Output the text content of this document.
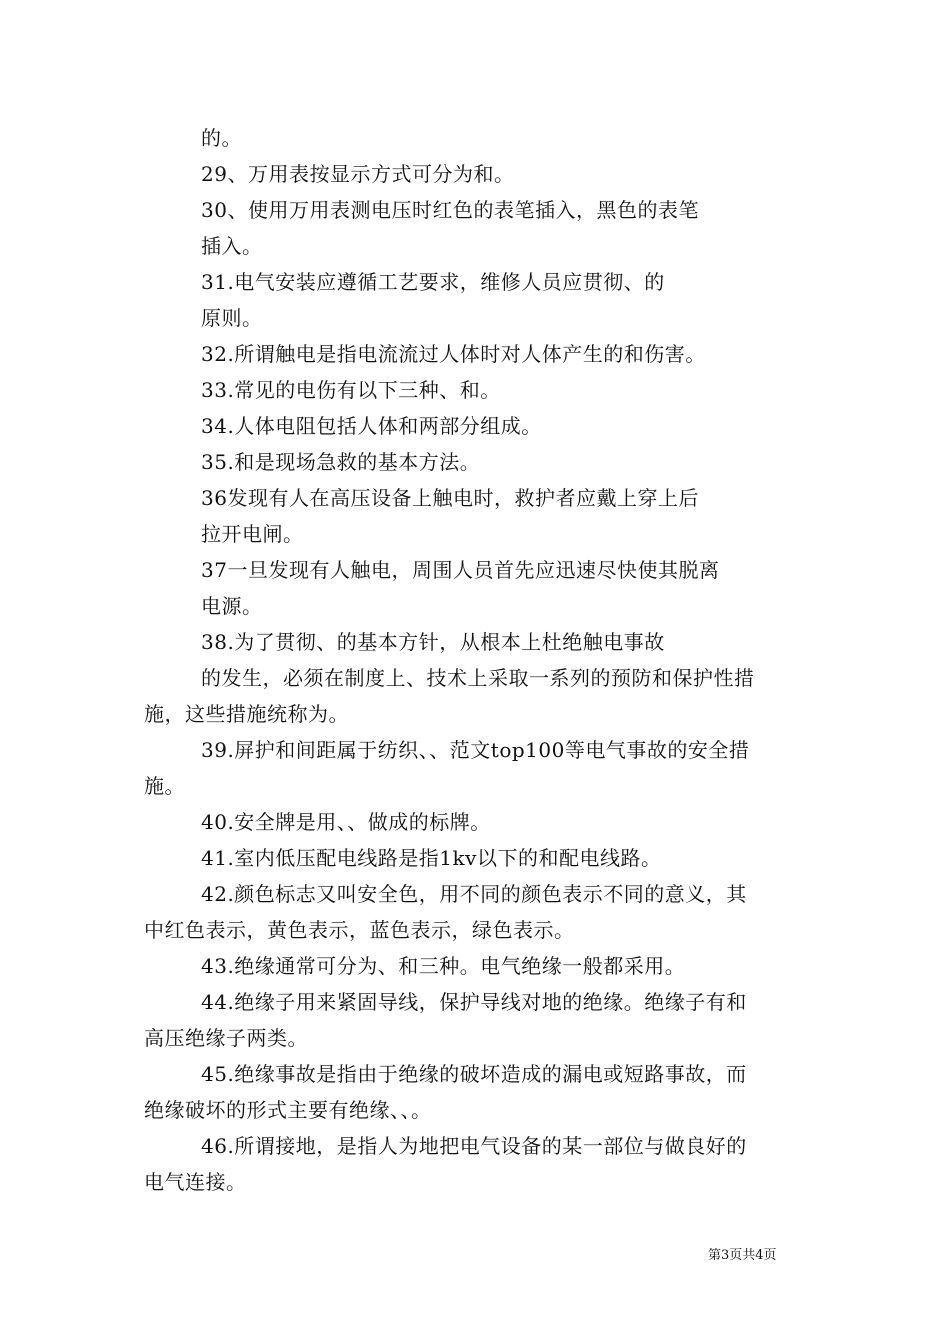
的。
29、万用表按显示方式可分为和。
30、使用万用表测电压时红色的表笔插入，黑色的表笔
插入。
31.电气安装应遵循工艺要求，维修人员应贯彻、的
原则。
32.所谓触电是指电流流过人体时对人体产生的和伤害。
33.常见的电伤有以下三种、和。
34.人体电阻包括人体和两部分组成。
35.和是现场急救的基本方法。
36发现有人在高压设备上触电时，救护者应戴上穿上后
拉开电闸。
37一旦发现有人触电，周围人员首先应迅速尽快使其脱离
电源。
38.为了贯彻、的基本方针，从根本上杜绝触电事故
的发生，必须在制度上、技术上采取一系列的预防和保护性措
施，这些措施统称为。
39.屏护和间距属于纺织、、范文top100等电气事故的安全措
施。
40.安全牌是用、、做成的标牌。
41.室内低压配电线路是指1kv以下的和配电线路。
42.颜色标志又叫安全色，用不同的颜色表示不同的意义，其
中红色表示，黄色表示，蓝色表示，绿色表示。
43.绝缘通常可分为、和三种。电气绝缘一般都采用。
44.绝缘子用来紧固导线，保护导线对地的绝缘。绝缘子有和
高压绝缘子两类。
45.绝缘事故是指由于绝缘的破坏造成的漏电或短路事故，而
绝缘破坏的形式主要有绝缘、、。
46.所谓接地，是指人为地把电气设备的某一部位与做良好的
电气连接。
第3页共4页
